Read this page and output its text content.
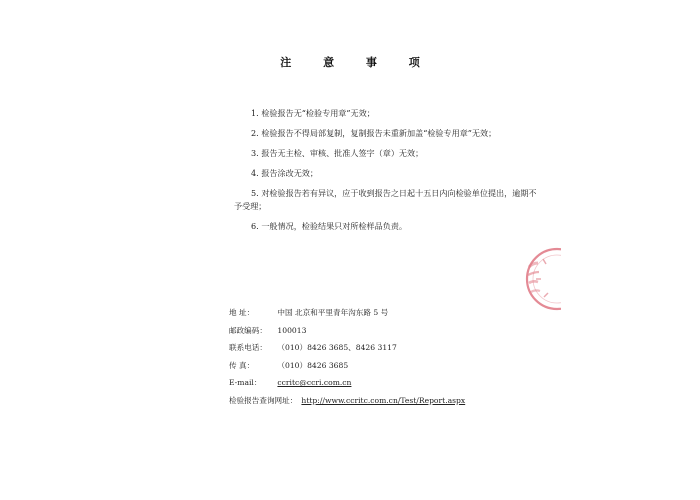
注 意 事 项
1. 检验报告无“检验专用章”无效；
2. 检验报告不得局部复制，复制报告未重新加盖“检验专用章”无效；
3. 报告无主检、审核、批准人签字（章）无效；
4. 报告涂改无效；
5. 对检验报告若有异议，应于收到报告之日起十五日内向检验单位提出，逾期不予受理；
6. 一般情况，检验结果只对所检样品负责。
地 址：	中国 北京和平里青年沟东路 5 号
邮政编码： 100013
联系电话： （010）8426 3685、8426 3117
传 真：	（010）8426 3685
E-mail： ccritc@ccri.com.cn
检验报告查询网址： http://www.ccritc.com.cn/Test/Report.aspx
